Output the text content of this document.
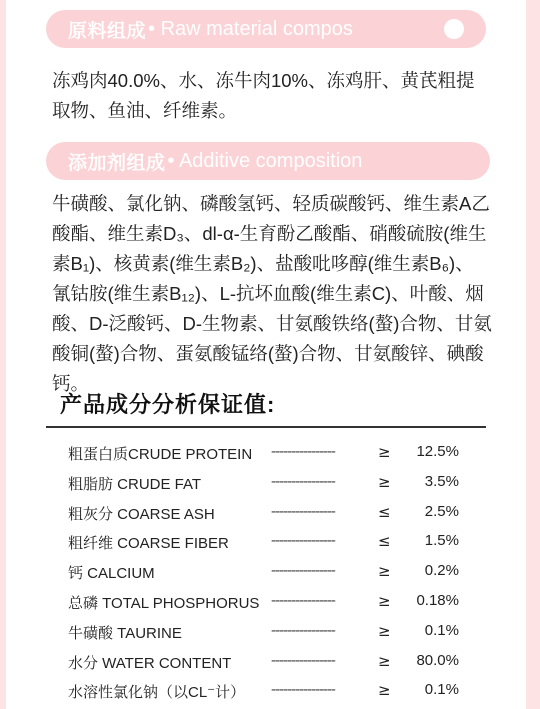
原料组成 • Raw material compos

冻鸡肉40.0%、水、冻牛肉10%、冻鸡肝、黄芪粗提取物、鱼油、纤维素。

添加剂组成 • Additive composition

牛磺酸、氯化钠、磷酸氢钙、轻质碳酸钙、维生素A乙酸酯、维生素D₃、dl-α-生育酚乙酸酯、硝酸硫胺(维生素B₁)、核黄素(维生素B₂)、盐酸吡哆醇(维生素B₆)、氰钴胺(维生素B₁₂)、L-抗坏血酸(维生素C)、叶酸、烟酸、D-泛酸钙、D-生物素、甘氨酸铁络(螯)合物、甘氨酸铜(螯)合物、蛋氨酸锰络(螯)合物、甘氨酸锌、碘酸钙。

产品成分分析保证值:
粗蛋白质CRUDE PROTEIN ----------------	≥ 12.5%
粗脂肪 CRUDE FAT	----------------	≥ 3.5%
粗灰分 COARSE ASH	----------------	≤ 2.5%
粗纤维 COARSE FIBER	----------------	≤ 1.5%
钙 CALCIUM	----------------	≥ 0.2%
总磷 TOTAL PHOSPHORUS ----------------	≥ 0.18%
牛磺酸 TAURINE	----------------	≥ 0.1%
水分 WATER CONTENT	----------------	≥ 80.0%
水溶性氯化钠（以CL⁻计） ----------------	≥ 0.1%
